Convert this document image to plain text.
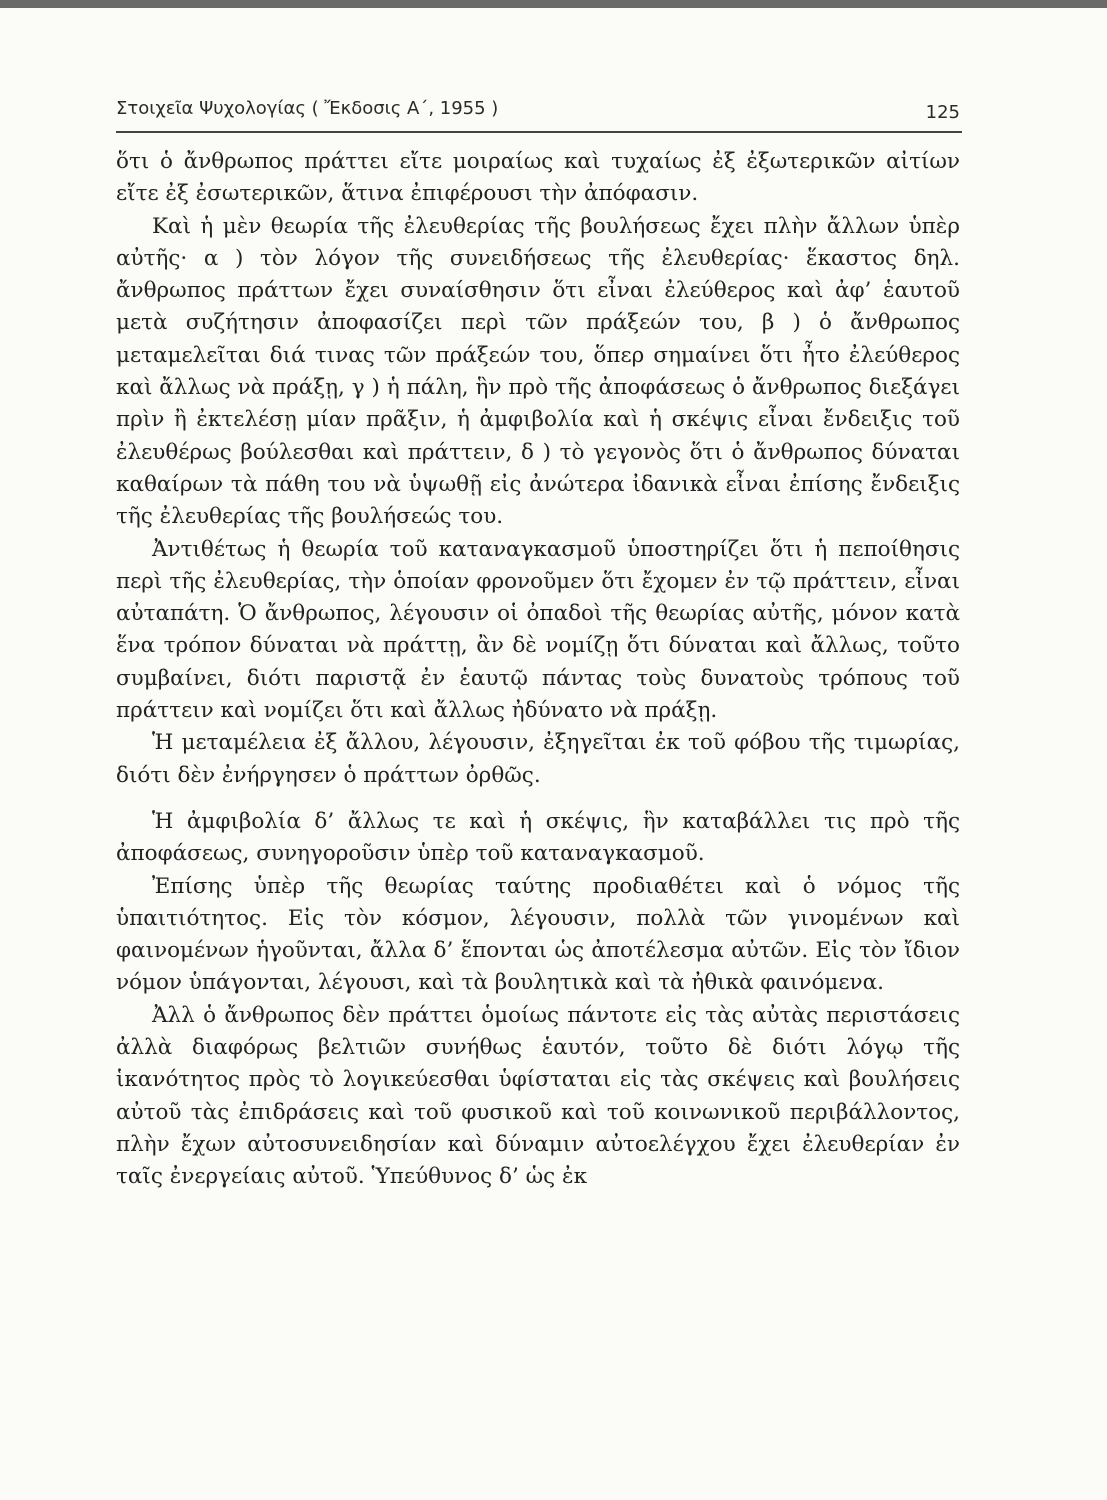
Στοιχεῖα Ψυχολογίας ( Ἔκδοσις Α΄, 1955 )	125

ὅτι ὁ ἄνθρωπος πράττει εἴτε μοιραίως καὶ τυχαίως ἐξ ἐξωτερικῶν αἰτίων εἴτε ἐξ ἐσωτερικῶν, ἅτινα ἐπιφέρουσι τὴν ἀπόφασιν.

Καὶ ἡ μὲν θεωρία τῆς ἐλευθερίας τῆς βουλήσεως ἔχει πλὴν ἄλλων ὑπὲρ αὐτῆς· α ) τὸν λόγον τῆς συνειδήσεως τῆς ἐλευθερίας· ἕκαστος δηλ. ἄνθρωπος πράττων ἔχει συναίσθησιν ὅτι εἶναι ἐλεύθερος καὶ ἀφ’ ἑαυτοῦ μετὰ συζήτησιν ἀποφασίζει περὶ τῶν πράξεών του, β ) ὁ ἄνθρωπος μεταμελεῖται διά τινας τῶν πράξεών του, ὅπερ σημαίνει ὅτι ἦτο ἐλεύθερος καὶ ἄλλως νὰ πράξῃ, γ ) ἡ πάλη, ἣν πρὸ τῆς ἀποφάσεως ὁ ἄνθρωπος διεξάγει πρὶν ἢ ἐκτελέσῃ μίαν πρᾶξιν, ἡ ἀμφιβολία καὶ ἡ σκέψις εἶναι ἔνδειξις τοῦ ἐλευθέρως βούλεσθαι καὶ πράττειν, δ ) τὸ γεγονὸς ὅτι ὁ ἄνθρωπος δύναται καθαίρων τὰ πάθη του νὰ ὑψωθῇ εἰς ἀνώτερα ἰδανικὰ εἶναι ἐπίσης ἔνδειξις τῆς ἐλευθερίας τῆς βουλήσεώς του.

Ἀντιθέτως ἡ θεωρία τοῦ καταναγκασμοῦ ὑποστηρίζει ὅτι ἡ πεποίθησις περὶ τῆς ἐλευθερίας, τὴν ὁποίαν φρονοῦμεν ὅτι ἔχομεν ἐν τῷ πράττειν, εἶναι αὐταπάτη. Ὁ ἄνθρωπος, λέγουσιν οἱ ὀπαδοὶ τῆς θεωρίας αὐτῆς, μόνον κατὰ ἕνα τρόπον δύναται νὰ πράττῃ, ἂν δὲ νομίζῃ ὅτι δύναται καὶ ἄλλως, τοῦτο συμβαίνει, διότι παριστᾷ ἐν ἑαυτῷ πάντας τοὺς δυνατοὺς τρόπους τοῦ πράττειν καὶ νομίζει ὅτι καὶ ἄλλως ἠδύνατο νὰ πράξῃ.

Ἡ μεταμέλεια ἐξ ἄλλου, λέγουσιν, ἐξηγεῖται ἐκ τοῦ φόβου τῆς τιμωρίας, διότι δὲν ἐνήργησεν ὁ πράττων ὀρθῶς.

Ἡ ἀμφιβολία δ’ ἄλλως τε καὶ ἡ σκέψις, ἣν καταβάλλει τις πρὸ τῆς ἀποφάσεως, συνηγοροῦσιν ὑπὲρ τοῦ καταναγκασμοῦ.

Ἐπίσης ὑπὲρ τῆς θεωρίας ταύτης προδιαθέτει καὶ ὁ νόμος τῆς ὑπαιτιότητος. Εἰς τὸν κόσμον, λέγουσιν, πολλὰ τῶν γινομένων καὶ φαινομένων ἡγοῦνται, ἄλλα δ’ ἕπονται ὡς ἀποτέλεσμα αὐτῶν. Εἰς τὸν ἴδιον νόμον ὑπάγονται, λέγουσι, καὶ τὰ βουλητικὰ καὶ τὰ ἠθικὰ φαινόμενα.

Ἀλλ ὁ ἄνθρωπος δὲν πράττει ὁμοίως πάντοτε εἰς τὰς αὐτὰς περιστάσεις ἀλλὰ διαφόρως βελτιῶν συνήθως ἑαυτόν, τοῦτο δὲ διότι λόγῳ τῆς ἱκανότητος πρὸς τὸ λογικεύεσθαι ὑφίσταται εἰς τὰς σκέψεις καὶ βουλήσεις αὐτοῦ τὰς ἐπιδράσεις καὶ τοῦ φυσικοῦ καὶ τοῦ κοινωνικοῦ περιβάλλοντος, πλὴν ἔχων αὐτοσυνειδησίαν καὶ δύναμιν αὐτοελέγχου ἔχει ἐλευθερίαν ἐν ταῖς ἐνεργείαις αὐτοῦ. Ὑπεύθυνος δ’ ὡς ἐκ
